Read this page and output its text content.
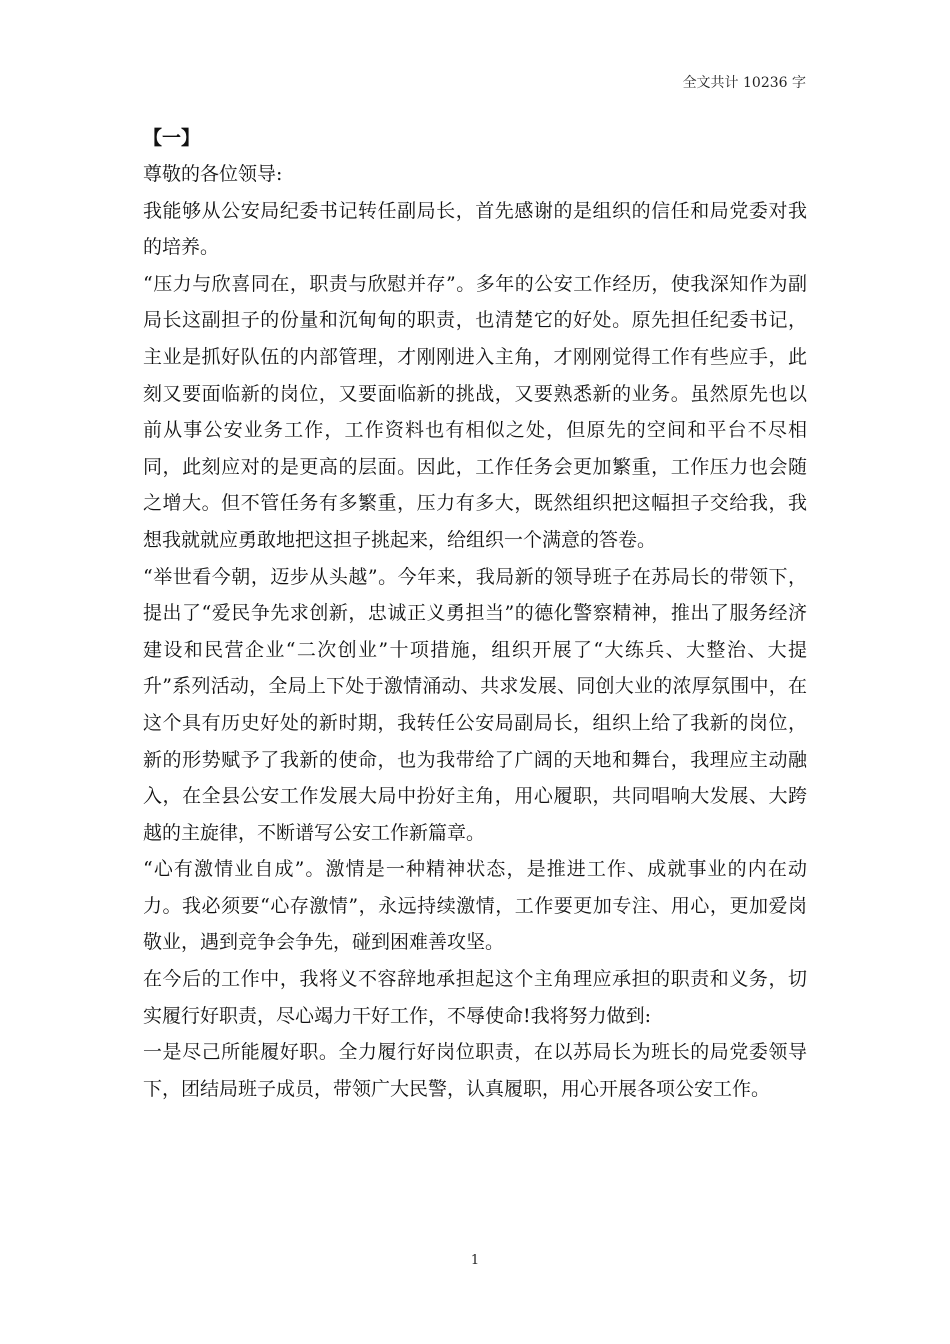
全文共计 10236 字

【一】

尊敬的各位领导:

我能够从公安局纪委书记转任副局长，首先感谢的是组织的信任和局党委对我的培养。

“压力与欣喜同在，职责与欣慰并存”。多年的公安工作经历，使我深知作为副局长这副担子的份量和沉甸甸的职责，也清楚它的好处。原先担任纪委书记，主业是抓好队伍的内部管理，才刚刚进入主角，才刚刚觉得工作有些应手，此刻又要面临新的岗位，又要面临新的挑战，又要熟悉新的业务。虽然原先也以前从事公安业务工作，工作资料也有相似之处，但原先的空间和平台不尽相同，此刻应对的是更高的层面。因此，工作任务会更加繁重，工作压力也会随之增大。但不管任务有多繁重，压力有多大，既然组织把这幅担子交给我，我想我就就应勇敢地把这担子挑起来，给组织一个满意的答卷。

“举世看今朝，迈步从头越”。今年来，我局新的领导班子在苏局长的带领下，提出了“爱民争先求创新，忠诚正义勇担当”的德化警察精神，推出了服务经济建设和民营企业“二次创业”十项措施，组织开展了“大练兵、大整治、大提升”系列活动，全局上下处于激情涌动、共求发展、同创大业的浓厚氛围中，在这个具有历史好处的新时期，我转任公安局副局长，组织上给了我新的岗位，新的形势赋予了我新的使命，也为我带给了广阔的天地和舞台，我理应主动融入，在全县公安工作发展大局中扮好主角，用心履职，共同唱响大发展、大跨越的主旋律，不断谱写公安工作新篇章。

“心有激情业自成”。激情是一种精神状态，是推进工作、成就事业的内在动力。我必须要“心存激情”，永远持续激情，工作要更加专注、用心，更加爱岗敬业，遇到竞争会争先，碰到困难善攻坚。

在今后的工作中，我将义不容辞地承担起这个主角理应承担的职责和义务，切实履行好职责，尽心竭力干好工作，不辱使命!我将努力做到:

一是尽己所能履好职。全力履行好岗位职责，在以苏局长为班长的局党委领导下，团结局班子成员，带领广大民警，认真履职，用心开展各项公安工作。

1
